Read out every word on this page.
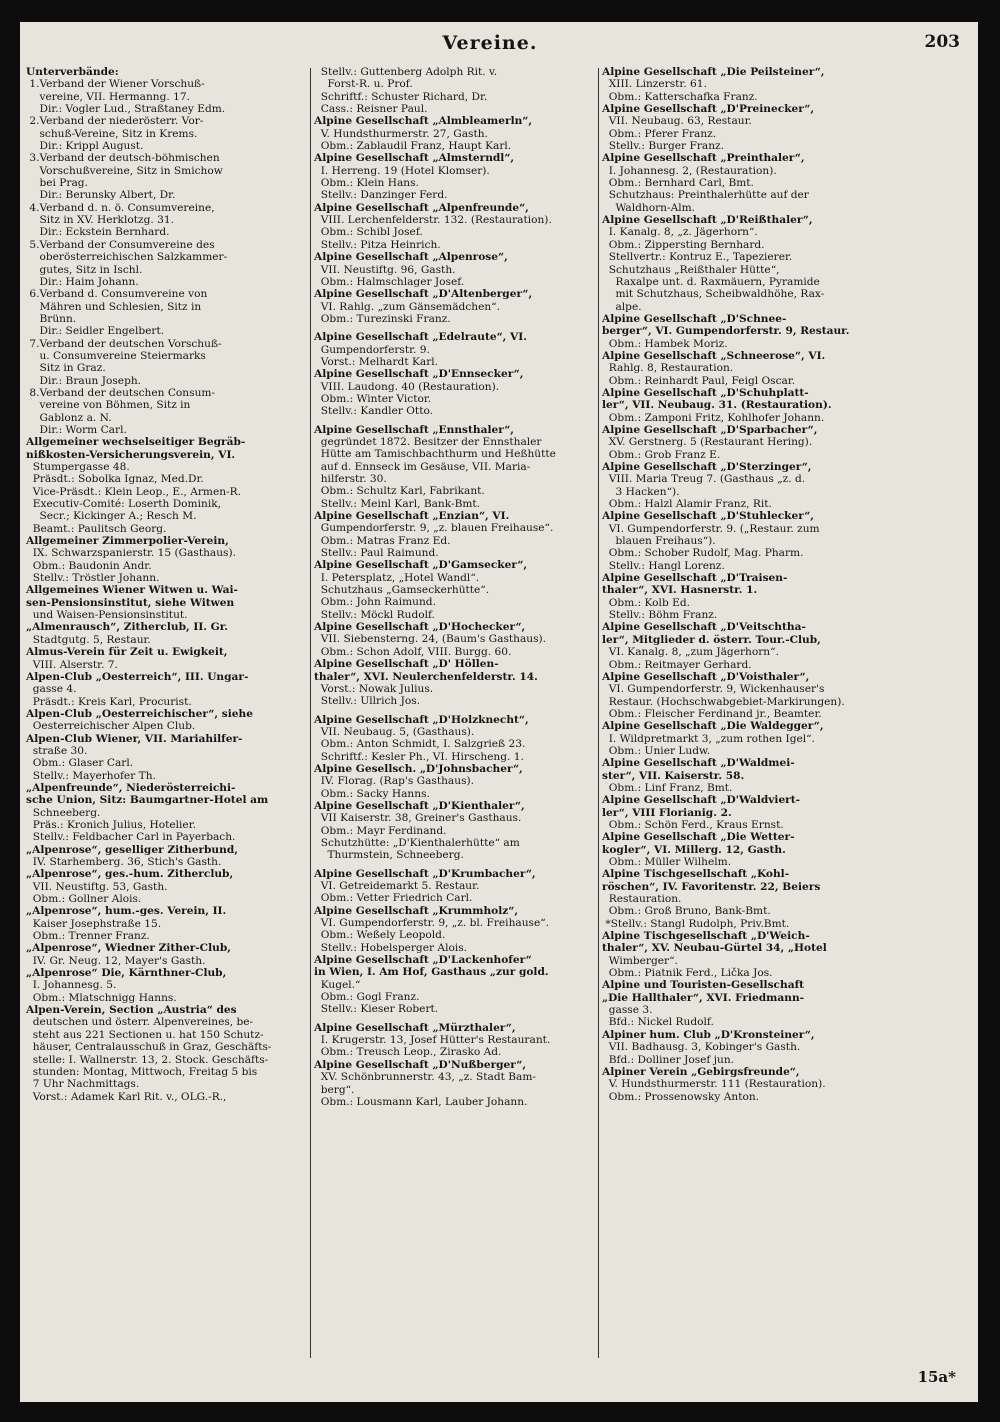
Vereine.	203
Unterverbände:
1.Verband der Wiener Vorschuß-
vereine, VII. Hermanng. 17.
Dir.: Vogler Lud., Straßtaney Edm.
2.Verband der niederösterr. Vor-
schuß-Vereine, Sitz in Krems.
Dir.: Krippl August.
3.Verband der deutsch-böhmischen
Vorschußvereine, Sitz in Smichow
bei Prag.
Dir.: Berunsky Albert, Dr.
4.Verband d. n. ö. Consumvereine,
Sitz in XV. Herklotzg. 31.
Dir.: Eckstein Bernhard.
5.Verband der Consumvereine des
oberösterreichischen Salzkammer-
gutes, Sitz in Ischl.
Dir.: Haim Johann.
6.Verband d. Consumvereine von
Mähren und Schlesien, Sitz in
Brünn.
Dir.: Seidler Engelbert.
7.Verband der deutschen Vorschuß-
u. Consumvereine Steiermarks
Sitz in Graz.
Dir.: Braun Joseph.
8.Verband der deutschen Consum-
vereine von Böhmen, Sitz in
Gablonz a. N.
Dir.: Worm Carl.
Allgemeiner wechselseitiger Begräb-
nißkosten-Versicherungsverein, VI.
Stumpergasse 48.
Präsdt.: Sobolka Ignaz, Med.Dr.
Vice-Präsdt.: Klein Leop., E., Armen-R.
Executiv-Comité: Loserth Dominik,
Secr.; Kickinger A.; Resch M.
Beamt.: Paulitsch Georg.
Allgemeiner Zimmerpolier-Verein,
IX. Schwarzspanierstr. 15 (Gasthaus).
Obm.: Baudonin Andr.
Stellv.: Tröstler Johann.
Allgemeines Wiener Witwen u. Wai-
sen-Pensionsinstitut, siehe Witwen
und Waisen-Pensionsinstitut.
„Almenrausch“, Zitherclub, II. Gr.
Stadtgutg. 5, Restaur.
Almus-Verein für Zeit u. Ewigkeit,
VIII. Alserstr. 7.
Alpen-Club „Oesterreich“, III. Ungar-
gasse 4.
Präsdt.: Kreis Karl, Procurist.
Alpen-Club „Oesterreichischer“, siehe
Oesterreichischer Alpen Club.
Alpen-Club Wiener, VII. Mariahilfer-
straße 30.
Obm.: Glaser Carl.
Stellv.: Mayerhofer Th.
„Alpenfreunde“, Niederösterreichi-
sche Union, Sitz: Baumgartner-Hotel am
Schneeberg.
Präs.: Kronich Julius, Hotelier.
Stellv.: Feldbacher Carl in Payerbach.
„Alpenrose“, geselliger Zitherbund,
IV. Starhemberg. 36, Stich's Gasth.
„Alpenrose“, ges.-hum. Zitherclub,
VII. Neustiftg. 53, Gasth.
Obm.: Gollner Alois.
„Alpenrose“, hum.-ges. Verein, II.
Kaiser Josephstraße 15.
Obm.: Trenner Franz.
„Alpenrose“, Wiedner Zither-Club,
IV. Gr. Neug. 12, Mayer's Gasth.
„Alpenrose“ Die, Kärnthner-Club,
I. Johannesg. 5.
Obm.: Mlatschnigg Hanns.
Alpen-Verein, Section „Austria“ des
deutschen und österr. Alpenvereines, be-
steht aus 221 Sectionen u. hat 150 Schutz-
häuser, Centralausschuß in Graz, Geschäfts-
stelle: I. Wallnerstr. 13, 2. Stock. Geschäfts-
stunden: Montag, Mittwoch, Freitag 5 bis
7 Uhr Nachmittags.
Vorst.: Adamek Karl Rit. v., OLG.-R.,
Stellv.: Guttenberg Adolph Rit. v.
Forst-R. u. Prof.
Schriftf.: Schuster Richard, Dr.
Cass.: Reisner Paul.
Alpine Gesellschaft „Almbleamerln“,
V. Hundsthurmerstr. 27, Gasth.
Obm.: Zablaudil Franz, Haupt Karl.
Alpine Gesellschaft „Almsterndl“,
I. Herreng. 19 (Hotel Klomser).
Obm.: Klein Hans.
Stellv.: Danzinger Ferd.
Alpine Gesellschaft „Alpenfreunde“,
VIII. Lerchenfelderstr. 132. (Restauration).
Obm.: Schibl Josef.
Stellv.: Pitza Heinrich.
Alpine Gesellschaft „Alpenrose“,
VII. Neustiftg. 96, Gasth.
Obm.: Halmschlager Josef.
Alpine Gesellschaft „D'Altenberger“,
VI. Rahlg. „zum Gänsemädchen“.
Obm.: Turezinski Franz.
Alpine Gesellschaft „Edelraute“, VI.
Gumpendorferstr. 9.
Vorst.: Melhardt Karl.
Alpine Gesellschaft „D'Ennsecker“,
VIII. Laudong. 40 (Restauration).
Obm.: Winter Victor.
Stellv.: Kandler Otto.
Alpine Gesellschaft „Ennsthaler“,
gegründet 1872. Besitzer der Ennsthaler
Hütte am Tamischbachthurm und Heßhütte
auf d. Ennseck im Gesäuse, VII. Maria-
hilferstr. 30.
Obm.: Schultz Karl, Fabrikant.
Stellv.: Meinl Karl, Bank-Bmt.
Alpine Gesellschaft „Enzian“, VI.
Gumpendorferstr. 9, „z. blauen Freihause“.
Obm.: Matras Franz Ed.
Stellv.: Paul Raimund.
Alpine Gesellschaft „D'Gamsecker“,
I. Petersplatz, „Hotel Wandl“.
Schutzhaus „Gamseckerhütte“.
Obm.: John Raimund.
Stellv.: Möckl Rudolf.
Alpine Gesellschaft „D'Hochecker“,
VII. Siebensterng. 24, (Baum's Gasthaus).
Obm.: Schon Adolf, VIII. Burgg. 60.
Alpine Gesellschaft „D' Höllen-
thaler“, XVI. Neulerchenfelderstr. 14.
Vorst.: Nowak Julius.
Stellv.: Ullrich Jos.
Alpine Gesellschaft „D'Holzknecht“,
VII. Neubaug. 5, (Gasthaus).
Obm.: Anton Schmidt, I. Salzgrieß 23.
Schriftf.: Kesler Ph., VI. Hirscheng. 1.
Alpine Gesellsch. „D'Johnsbacher“,
IV. Florag. (Rap's Gasthaus).
Obm.: Sacky Hanns.
Alpine Gesellschaft „D'Kienthaler“,
VII Kaiserstr. 38, Greiner's Gasthaus.
Obm.: Mayr Ferdinand.
Schutzhütte: „D'Kienthalerhütte“ am
Thurmstein, Schneeberg.
Alpine Gesellschaft „D'Krumbacher“,
VI. Getreidemarkt 5. Restaur.
Obm.: Vetter Friedrich Carl.
Alpine Gesellschaft „Krummholz“,
VI. Gumpendorferstr. 9, „z. bl. Freihause“.
Obm.: Weßely Leopold.
Stellv.: Hobelsperger Alois.
Alpine Gesellschaft „D'Lackenhofer“
in Wien, I. Am Hof, Gasthaus „zur gold.
Kugel.“
Obm.: Gogl Franz.
Stellv.: Kieser Robert.
Alpine Gesellschaft „Mürzthaler“,
I. Krugerstr. 13, Josef Hütter's Restaurant.
Obm.: Treusch Leop., Zirasko Ad.
Alpine Gesellschaft „D'Nußberger“,
XV. Schönbrunnerstr. 43, „z. Stadt Bam-
berg“.
Obm.: Lousmann Karl, Lauber Johann.
Alpine Gesellschaft „Die Peilsteiner“,
XIII. Linzerstr. 61.
Obm.: Katterschafka Franz.
Alpine Gesellschaft „D'Preinecker“,
VII. Neubaug. 63, Restaur.
Obm.: Pferer Franz.
Stellv.: Burger Franz.
Alpine Gesellschaft „Preinthaler“,
I. Johannesg. 2, (Restauration).
Obm.: Bernhard Carl, Bmt.
Schutzhaus: Preinthalerhütte auf der
Waldhorn-Alm.
Alpine Gesellschaft „D'Reißthaler“,
I. Kanalg. 8, „z. Jägerhorn“.
Obm.: Zippersting Bernhard.
Stellvertr.: Kontruz E., Tapezierer.
Schutzhaus „Reißthaler Hütte“,
Raxalpe unt. d. Raxmäuern, Pyramide
mit Schutzhaus, Scheibwaldhöhe, Rax-
alpe.
Alpine Gesellschaft „D'Schnee-
berger“, VI. Gumpendorferstr. 9, Restaur.
Obm.: Hambek Moriz.
Alpine Gesellschaft „Schneerose“, VI.
Rahlg. 8, Restauration.
Obm.: Reinhardt Paul, Feigl Oscar.
Alpine Gesellschaft „D'Schuhplatt-
ler“, VII. Neubaug. 31. (Restauration).
Obm.: Zamponi Fritz, Kohlhofer Johann.
Alpine Gesellschaft „D'Sparbacher“,
XV. Gerstnerg. 5 (Restaurant Hering).
Obm.: Grob Franz E.
Alpine Gesellschaft „D'Sterzinger“,
VIII. Maria Treug 7. (Gasthaus „z. d.
3 Hacken“).
Obm.: Halzl Alamir Franz, Rit.
Alpine Gesellschaft „D'Stuhlecker“,
VI. Gumpendorferstr. 9. („Restaur. zum
blauen Freihaus“).
Obm.: Schober Rudolf, Mag. Pharm.
Stellv.: Hangl Lorenz.
Alpine Gesellschaft „D'Traisen-
thaler“, XVI. Hasnerstr. 1.
Obm.: Kolb Ed.
Stellv.: Böhm Franz.
Alpine Gesellschaft „D'Veitschtha-
ler“, Mitglieder d. österr. Tour.-Club,
VI. Kanalg. 8, „zum Jägerhorn“.
Obm.: Reitmayer Gerhard.
Alpine Gesellschaft „D'Voisthaler“,
VI. Gumpendorferstr. 9, Wickenhauser's
Restaur. (Hochschwabgebiet-Markirungen).
Obm.: Fleischer Ferdinand jr., Beamter.
Alpine Gesellschaft „Die Waldegger“,
I. Wildpretmarkt 3, „zum rothen Igel“.
Obm.: Unier Ludw.
Alpine Gesellschaft „D'Waldmei-
ster“, VII. Kaiserstr. 58.
Obm.: Linf Franz, Bmt.
Alpine Gesellschaft „D'Waldviert-
ler“, VIII Florianig. 2.
Obm.: Schön Ferd., Kraus Ernst.
Alpine Gesellschaft „Die Wetter-
kogler“, VI. Millerg. 12, Gasth.
Obm.: Müller Wilhelm.
Alpine Tischgesellschaft „Kohl-
röschen“, IV. Favoritenstr. 22, Beiers
Restauration.
Obm.: Groß Bruno, Bank-Bmt.
*Stellv.: Stangl Rudolph, Priv.Bmt.
Alpine Tischgesellschaft „D'Weich-
thaler“, XV. Neubau-Gürtel 34, „Hotel
Wimberger“.
Obm.: Piatnik Ferd., Lička Jos.
Alpine und Touristen-Gesellschaft
„Die Hallthaler“, XVI. Friedmann-
gasse 3.
Bfd.: Nickel Rudolf.
Alpiner hum. Club „D'Kronsteiner“,
VII. Badhausg. 3, Kobinger's Gasth.
Bfd.: Dolliner Josef jun.
Alpiner Verein „Gebirgsfreunde“,
V. Hundsthurmerstr. 111 (Restauration).
Obm.: Prossenowsky Anton.
15a*
